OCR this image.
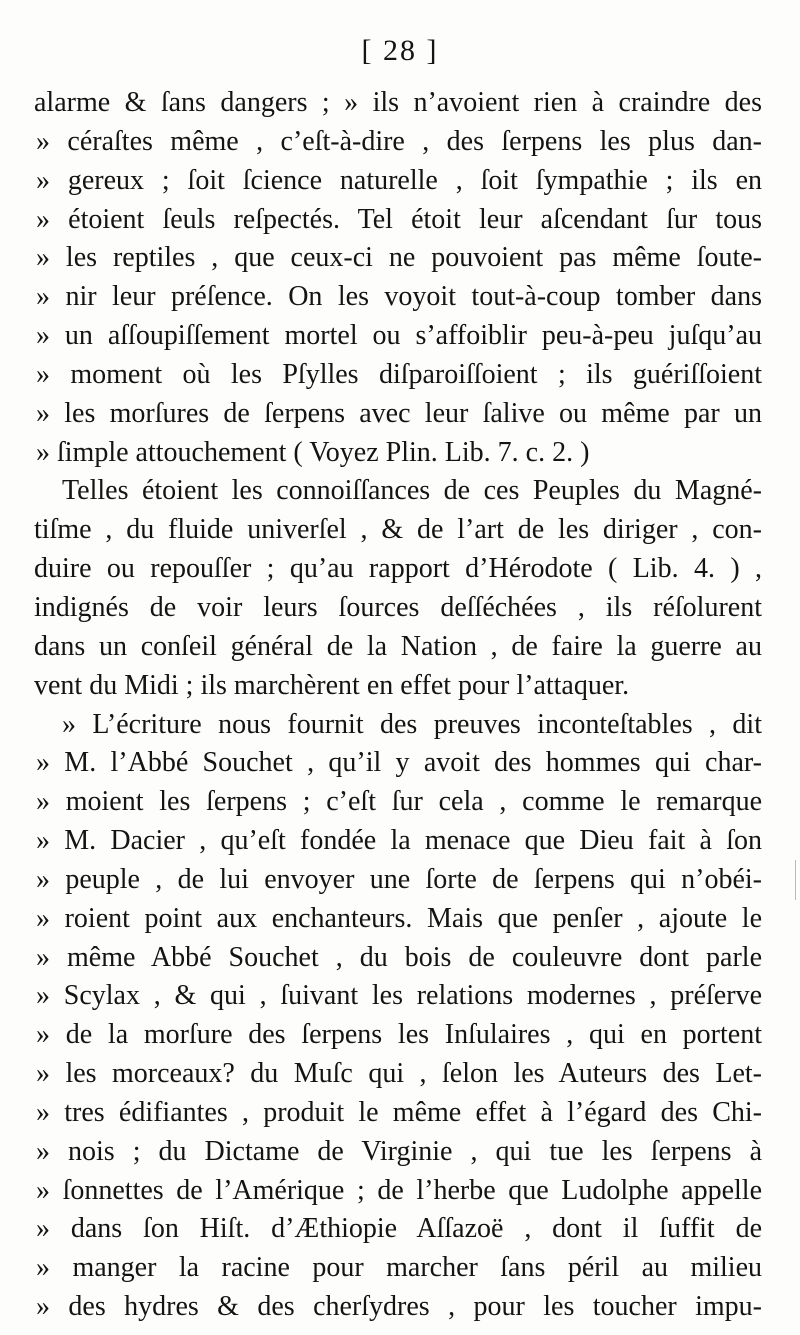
[ 28 ]
alarme & ſans dangers ; » ils n’avoient rien à craindre des
» céraſtes même , c’eſt-à-dire , des ſerpens les plus dan-
» gereux ; ſoit ſcience naturelle , ſoit ſympathie ; ils en
» étoient ſeuls reſpectés. Tel étoit leur aſcendant ſur tous
» les reptiles , que ceux-ci ne pouvoient pas même ſoute-
» nir leur préſence. On les voyoit tout-à-coup tomber dans
» un aſſoupiſſement mortel ou s’affoiblir peu-à-peu juſqu’au
» moment où les Pſylles diſparoiſſoient ; ils guériſſoient
» les morſures de ſerpens avec leur ſalive ou même par un
» ſimple attouchement ( Voyez Plin. Lib. 7. c. 2. )
Telles étoient les connoiſſances de ces Peuples du Magné-
tiſme , du fluide univerſel , & de l’art de les diriger , con-
duire ou repouſſer ; qu’au rapport d’Hérodote ( Lib. 4. ) ,
indignés de voir leurs ſources deſſéchées , ils réſolurent
dans un conſeil général de la Nation , de faire la guerre au
vent du Midi ; ils marchèrent en effet pour l’attaquer.
» L’écriture nous fournit des preuves inconteſtables , dit
» M. l’Abbé Souchet , qu’il y avoit des hommes qui char-
» moient les ſerpens ; c’eſt ſur cela , comme le remarque
» M. Dacier , qu’eſt fondée la menace que Dieu fait à ſon
» peuple , de lui envoyer une ſorte de ſerpens qui n’obéi-
» roient point aux enchanteurs. Mais que penſer , ajoute le
» même Abbé Souchet , du bois de couleuvre dont parle
» Scylax , & qui , ſuivant les relations modernes , préſerve
» de la morſure des ſerpens les Inſulaires , qui en portent
» les morceaux? du Muſc qui , ſelon les Auteurs des Let-
» tres édifiantes , produit le même effet à l’égard des Chi-
» nois ; du Dictame de Virginie , qui tue les ſerpens à
» ſonnettes de l’Amérique ; de l’herbe que Ludolphe appelle
» dans ſon Hiſt. d’Æthiopie Aſſazoë , dont il ſuffit de
» manger la racine pour marcher ſans péril au milieu
» des hydres & des cherſydres , pour les toucher impu-
